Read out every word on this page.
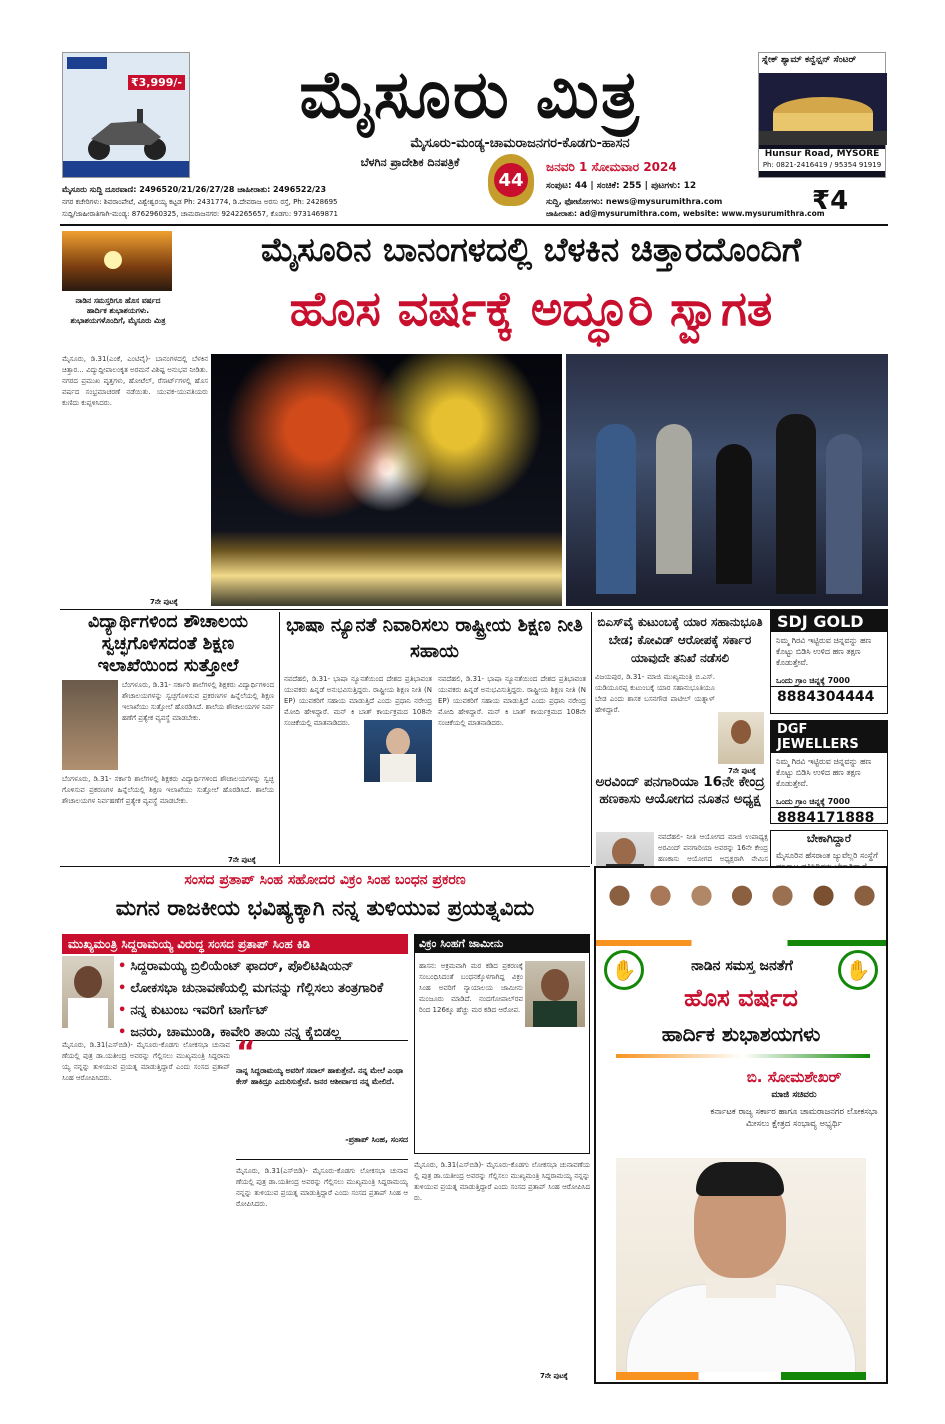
₹3,999/-	ಮೈಸೂರು ಮಿತ್ರ
ಮೈಸೂರು-ಮಂಡ್ಯ-ಚಾಮರಾಜನಗರ-ಕೊಡಗು-ಹಾಸನ
ಬೆಳಗಿನ ಪ್ರಾದೇಶಿಕ ದಿನಪತ್ರಿಕೆ
44
ಜನವರಿ 1 ಸೋಮವಾರ 2024
ಸಂಪುಟ: 44 | ಸಂಚಿಕೆ: 255 | ಪುಟಗಳು: 12
ಸ್ನೇಕ್ ಶ್ಯಾಮ್ ಕನ್ವೆನ್ಷನ್ ಸೆಂಟರ್
Hunsur Road, MYSORE
Ph: 0821-2416419 / 95354 91919
ಮೈಸೂರು ಸುದ್ದಿ ದೂರವಾಣಿ: 2496520/21/26/27/28 ಜಾಹೀರಾತು: 2496522/23
ನಗರ ಕಚೇರಿಗಳು: ಶಿವರಾಂಪೇಟೆ, ವಿಶ್ವೇಶ್ವರಯ್ಯ ಕಟ್ಟಡ Ph: 2431774, ಡಿ.ದೇವರಾಜ ಅರಸು ರಸ್ತೆ, Ph: 2428695
ಸುದ್ದಿ/ಜಾಹೀರಾತಿಗಾಗಿ-ಮಂಡ್ಯ: 8762960325, ಚಾಮರಾಜನಗರ: 9242265657, ಕೊಡಗು: 9731469871
ಸುದ್ದಿ, ಫೋಟೋಗಳು: news@mysurumithra.com
ಜಾಹೀರಾತು: ad@mysurumithra.com, website: www.mysurumithra.com
₹4
ನಾಡಿನ ಸಮಸ್ತರಿಗೂ ಹೊಸ ವರ್ಷದ ಹಾರ್ದಿಕ ಶುಭಾಶಯಗಳು. ಶುಭಾಶಯಗಳೊಂದಿಗೆ, ಮೈಸೂರು ಮಿತ್ರ
ಮೈಸೂರಿನ ಬಾನಂಗಳದಲ್ಲಿ ಬೆಳಕಿನ ಚಿತ್ತಾರದೊಂದಿಗೆ
ಹೊಸ ವರ್ಷಕ್ಕೆ ಅದ್ಧೂರಿ ಸ್ವಾಗತ
ಮೈಸೂರು, ಡಿ.31(ಎಂಕೆ, ಎಂಟಿವೈ)- ಬಾನಂಗಳದಲ್ಲಿ ಬೆಳಕಿನ ಚಿತ್ತಾರ... ವಿದ್ಯುದ್ದೀಪಾಲಂಕೃತ ಅರಮನೆ ವಿಶಿಷ್ಟ ಅನುಭವ ನೀಡಿತು. ನಗರದ ಪ್ರಮುಖ ವೃತ್ತಗಳು, ಹೋಟೆಲ್, ರೆಸಾರ್ಟ್‌ಗಳಲ್ಲಿ ಹೊಸ ವರ್ಷದ ಸಂಭ್ರಮಾಚರಣೆ ನಡೆಯಿತು. ಯುವಕ-ಯುವತಿಯರು ಕುಣಿದು ಕುಪ್ಪಳಿಸಿದರು.
7ನೇ ಪುಟಕ್ಕೆ
ವಿದ್ಯಾರ್ಥಿಗಳಿಂದ ಶೌಚಾಲಯ ಸ್ವಚ್ಛಗೊಳಿಸದಂತೆ ಶಿಕ್ಷಣ ಇಲಾಖೆಯಿಂದ ಸುತ್ತೋಲೆ
ಬೆಂಗಳೂರು, ಡಿ.31- ಸರ್ಕಾರಿ ಶಾಲೆಗಳಲ್ಲಿ ಶಿಕ್ಷಕರು ವಿದ್ಯಾರ್ಥಿಗಳಿಂದ ಶೌಚಾಲಯಗಳನ್ನು ಸ್ವಚ್ಛಗೊಳಿಸುವ ಪ್ರಕರಣಗಳ ಹಿನ್ನೆಲೆಯಲ್ಲಿ ಶಿಕ್ಷಣ ಇಲಾಖೆಯು ಸುತ್ತೋಲೆ ಹೊರಡಿಸಿದೆ. ಶಾಲೆಯ ಶೌಚಾಲಯಗಳ ನಿರ್ವಹಣೆಗೆ ಪ್ರತ್ಯೇಕ ವ್ಯವಸ್ಥೆ ಮಾಡಬೇಕು.
ಬೆಂಗಳೂರು, ಡಿ.31- ಸರ್ಕಾರಿ ಶಾಲೆಗಳಲ್ಲಿ ಶಿಕ್ಷಕರು ವಿದ್ಯಾರ್ಥಿಗಳಿಂದ ಶೌಚಾಲಯಗಳನ್ನು ಸ್ವಚ್ಛಗೊಳಿಸುವ ಪ್ರಕರಣಗಳ ಹಿನ್ನೆಲೆಯಲ್ಲಿ ಶಿಕ್ಷಣ ಇಲಾಖೆಯು ಸುತ್ತೋಲೆ ಹೊರಡಿಸಿದೆ. ಶಾಲೆಯ ಶೌಚಾಲಯಗಳ ನಿರ್ವಹಣೆಗೆ ಪ್ರತ್ಯೇಕ ವ್ಯವಸ್ಥೆ ಮಾಡಬೇಕು.
7ನೇ ಪುಟಕ್ಕೆ
ಭಾಷಾ ನ್ಯೂನತೆ ನಿವಾರಿಸಲು ರಾಷ್ಟ್ರೀಯ ಶಿಕ್ಷಣ ನೀತಿ ಸಹಾಯ
ನವದೆಹಲಿ, ಡಿ.31- ಭಾಷಾ ನ್ಯೂನತೆಯಿಂದ ದೇಶದ ಪ್ರತಿಭಾವಂತ ಯುವಕರು ಹಿನ್ನಡೆ ಅನುಭವಿಸುತ್ತಿದ್ದರು. ರಾಷ್ಟ್ರೀಯ ಶಿಕ್ಷಣ ನೀತಿ (NEP) ಯುವಕರಿಗೆ ಸಹಾಯ ಮಾಡುತ್ತಿದೆ ಎಂದು ಪ್ರಧಾನಿ ನರೇಂದ್ರ ಮೋದಿ ಹೇಳಿದ್ದಾರೆ. ಮನ್ ಕಿ ಬಾತ್ ಕಾರ್ಯಕ್ರಮದ 108ನೇ ಸಂಚಿಕೆಯಲ್ಲಿ ಮಾತನಾಡಿದರು.
ನವದೆಹಲಿ, ಡಿ.31- ಭಾಷಾ ನ್ಯೂನತೆಯಿಂದ ದೇಶದ ಪ್ರತಿಭಾವಂತ ಯುವಕರು ಹಿನ್ನಡೆ ಅನುಭವಿಸುತ್ತಿದ್ದರು. ರಾಷ್ಟ್ರೀಯ ಶಿಕ್ಷಣ ನೀತಿ (NEP) ಯುವಕರಿಗೆ ಸಹಾಯ ಮಾಡುತ್ತಿದೆ ಎಂದು ಪ್ರಧಾನಿ ನರೇಂದ್ರ ಮೋದಿ ಹೇಳಿದ್ದಾರೆ. ಮನ್ ಕಿ ಬಾತ್ ಕಾರ್ಯಕ್ರಮದ 108ನೇ ಸಂಚಿಕೆಯಲ್ಲಿ ಮಾತನಾಡಿದರು.
ಬಿಎಸ್‌ವೈ ಕುಟುಂಬಕ್ಕೆ ಯಾರ ಸಹಾನುಭೂತಿ ಬೇಡ; ಕೋವಿಡ್ ಆರೋಪಕ್ಕೆ ಸರ್ಕಾರ ಯಾವುದೇ ತನಿಖೆ ನಡೆಸಲಿ
ವಿಜಯಪುರ, ಡಿ.31- ಮಾಜಿ ಮುಖ್ಯಮಂತ್ರಿ ಬಿ.ಎಸ್.ಯಡಿಯೂರಪ್ಪ ಕುಟುಂಬಕ್ಕೆ ಯಾರ ಸಹಾನುಭೂತಿಯೂ ಬೇಡ ಎಂದು ಶಾಸಕ ಬಸನಗೌಡ ಪಾಟೀಲ್ ಯತ್ನಾಳ್ ಹೇಳಿದ್ದಾರೆ.
7ನೇ ಪುಟಕ್ಕೆ
ಅರವಿಂದ್ ಪನಗಾರಿಯಾ 16ನೇ ಕೇಂದ್ರ ಹಣಕಾಸು ಆಯೋಗದ ನೂತನ ಅಧ್ಯಕ್ಷ
ನವದೆಹಲಿ- ನೀತಿ ಆಯೋಗದ ಮಾಜಿ ಉಪಾಧ್ಯಕ್ಷ ಅರವಿಂದ್ ಪನಗಾರಿಯಾ ಅವರನ್ನು 16ನೇ ಕೇಂದ್ರ ಹಣಕಾಸು ಆಯೋಗದ ಅಧ್ಯಕ್ಷರಾಗಿ ನೇಮಿಸ
SDJ GOLD
ನಿಮ್ಮ ಗಿರವಿ ಇಟ್ಟಿರುವ ಚಿನ್ನವನ್ನು ಹಣ ಕೊಟ್ಟು ಬಿಡಿಸಿ ಉಳಿದ ಹಣ ತಕ್ಷಣ ಕೊಡುತ್ತೇವೆ.
ಒಂದು ಗ್ರಾಂ ಚಿನ್ನಕ್ಕೆ 7000
8884304444
DGF JEWELLERS
ನಿಮ್ಮ ಗಿರವಿ ಇಟ್ಟಿರುವ ಚಿನ್ನವನ್ನು ಹಣ ಕೊಟ್ಟು ಬಿಡಿಸಿ ಉಳಿದ ಹಣ ತಕ್ಷಣ ಕೊಡುತ್ತೇವೆ.
ಒಂದು ಗ್ರಾಂ ಚಿನ್ನಕ್ಕೆ 7000
8884171888
ಬೇಕಾಗಿದ್ದಾರೆ
ಮೈಸೂರಿನ ಹೆಸರಾಂತ ಜ್ಯುವೆಲ್ಲರಿ ಸಂಸ್ಥೆಗೆ
ಸಂಸದ ಪ್ರತಾಪ್ ಸಿಂಹ ಸಹೋದರ ವಿಕ್ರಂ ಸಿಂಹ ಬಂಧನ ಪ್ರಕರಣ
ಮಗನ ರಾಜಕೀಯ ಭವಿಷ್ಯಕ್ಕಾಗಿ ನನ್ನ ತುಳಿಯುವ ಪ್ರಯತ್ನವಿದು
ಮುಖ್ಯಮಂತ್ರಿ ಸಿದ್ದರಾಮಯ್ಯ ವಿರುದ್ಧ ಸಂಸದ ಪ್ರತಾಪ್ ಸಿಂಹ ಕಿಡಿ
• ಸಿದ್ದರಾಮಯ್ಯ ಬ್ರಿಲಿಯೆಂಟ್ ಫಾದರ್, ಪೊಲಿಟಿಷಿಯನ್
• ಲೋಕಸಭಾ ಚುನಾವಣೆಯಲ್ಲಿ ಮಗನನ್ನು ಗೆಲ್ಲಿಸಲು ತಂತ್ರಗಾರಿಕೆ
• ನನ್ನ ಕುಟುಂಬ ಇವರಿಗೆ ಟಾರ್ಗೆಟ್
• ಜನರು, ಚಾಮುಂಡಿ, ಕಾವೇರಿ ತಾಯಿ ನನ್ನ ಕೈಬಿಡಲ್ಲ
ಮೈಸೂರು, ಡಿ.31(ಎಸ್‌ಬಿಡಿ)- ಮೈಸೂರು-ಕೊಡಗು ಲೋಕಸಭಾ ಚುನಾವಣೆಯಲ್ಲಿ ಪುತ್ರ ಡಾ.ಯತೀಂದ್ರ ಅವರನ್ನು ಗೆಲ್ಲಿಸಲು ಮುಖ್ಯಮಂತ್ರಿ ಸಿದ್ದರಾಮಯ್ಯ ನನ್ನನ್ನು ತುಳಿಯುವ ಪ್ರಯತ್ನ ಮಾಡುತ್ತಿದ್ದಾರೆ ಎಂದು ಸಂಸದ ಪ್ರತಾಪ್ ಸಿಂಹ ಆರೋಪಿಸಿದರು.
“
ನಾನ್ನ ಸಿದ್ದರಾಮಯ್ಯ ಅವರಿಗೆ ಸವಾಲ್ ಹಾಕುತ್ತೇನೆ. ನನ್ನ ಮೇಲೆ ಎಂಥಾ ಕೇಸ್ ಹಾಕಿದ್ರೂ ಎದುರಿಸುತ್ತೇನೆ. ಜನರ ಆಶೀರ್ವಾದ ನನ್ನ ಮೇಲಿದೆ.
-ಪ್ರತಾಪ್ ಸಿಂಹ, ಸಂಸದ
ಮೈಸೂರು, ಡಿ.31(ಎಸ್‌ಬಿಡಿ)- ಮೈಸೂರು-ಕೊಡಗು ಲೋಕಸಭಾ ಚುನಾವಣೆಯಲ್ಲಿ ಪುತ್ರ ಡಾ.ಯತೀಂದ್ರ ಅವರನ್ನು ಗೆಲ್ಲಿಸಲು ಮುಖ್ಯಮಂತ್ರಿ ಸಿದ್ದರಾಮಯ್ಯ ನನ್ನನ್ನು ತುಳಿಯುವ ಪ್ರಯತ್ನ ಮಾಡುತ್ತಿದ್ದಾರೆ ಎಂದು ಸಂಸದ ಪ್ರತಾಪ್ ಸಿಂಹ ಆರೋಪಿಸಿದರು.
ವಿಕ್ರಂ ಸಿಂಹಗೆ ಜಾಮೀನು
ಹಾಸನ: ಅಕ್ರಮವಾಗಿ ಮರ ಕಡಿದ ಪ್ರಕರಣಕ್ಕೆ ಸಂಬಂಧಿಸಿದಂತೆ ಬಂಧನಕ್ಕೊಳಗಾಗಿದ್ದ ವಿಕ್ರಂ ಸಿಂಹ ಅವರಿಗೆ ನ್ಯಾಯಾಲಯ ಜಾಮೀನು ಮಂಜೂರು ಮಾಡಿದೆ. ನಂದಗೋಪಾಲ್‌ರವರಿಂದ 126ಕ್ಕೂ ಹೆಚ್ಚು ಮರ ಕಡಿದ ಆರೋಪ.
ಮೈಸೂರು, ಡಿ.31(ಎಸ್‌ಬಿಡಿ)- ಮೈಸೂರು-ಕೊಡಗು ಲೋಕಸಭಾ ಚುನಾವಣೆಯಲ್ಲಿ ಪುತ್ರ ಡಾ.ಯತೀಂದ್ರ ಅವರನ್ನು ಗೆಲ್ಲಿಸಲು ಮುಖ್ಯಮಂತ್ರಿ ಸಿದ್ದರಾಮಯ್ಯ ನನ್ನನ್ನು ತುಳಿಯುವ ಪ್ರಯತ್ನ ಮಾಡುತ್ತಿದ್ದಾರೆ ಎಂದು ಸಂಸದ ಪ್ರತಾಪ್ ಸಿಂಹ ಆರೋಪಿಸಿದರು.
7ನೇ ಪುಟಕ್ಕೆ
✋	✋
ನಾಡಿನ ಸಮಸ್ತ ಜನತೆಗೆ
ಹೊಸ ವರ್ಷದ
ಹಾರ್ದಿಕ ಶುಭಾಶಯಗಳು
ಬಿ. ಸೋಮಶೇಖರ್
ಮಾಜಿ ಸಚಿವರು
ಕರ್ನಾಟಕ ರಾಜ್ಯ ಸರ್ಕಾರ ಹಾಗೂ ಚಾಮರಾಜನಗರ ಲೋಕಸಭಾ ಮೀಸಲು ಕ್ಷೇತ್ರದ ಸಂಭಾವ್ಯ ಅಭ್ಯರ್ಥಿ
